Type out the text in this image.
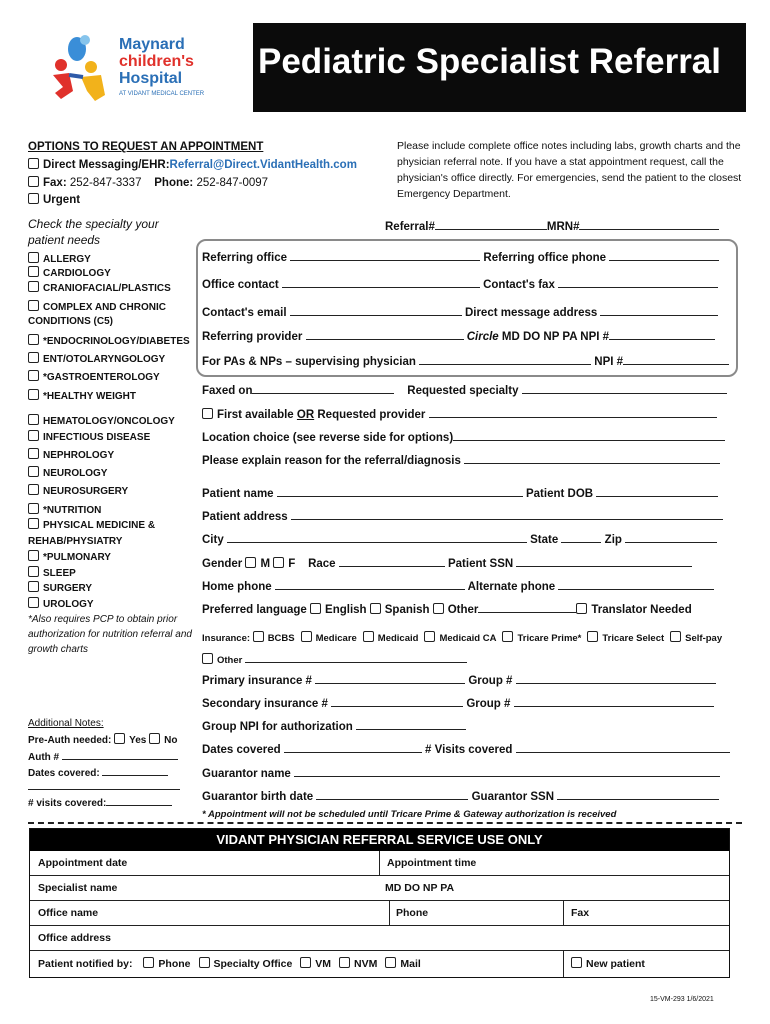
Maynard
children's
Hospital
AT VIDANT MEDICAL CENTER
Pediatric Specialist Referral
OPTIONS TO REQUEST AN APPOINTMENT
Direct Messaging/EHR:Referral@Direct.VidantHealth.com
Fax: 252-847-3337 Phone: 252-847-0097
Urgent
Please include complete office notes including labs, growth charts and the physician referral note. If you have a stat appointment request, call the physician's office directly. For emergencies, send the patient to the closest Emergency Department.
Check the specialty your patient needs
ALLERGY
CARDIOLOGY
CRANIOFACIAL/PLASTICS
COMPLEX AND CHRONIC CONDITIONS (C5)
*ENDOCRINOLOGY/DIABETES
ENT/OTOLARYNGOLOGY
*GASTROENTEROLOGY
*HEALTHY WEIGHT
HEMATOLOGY/ONCOLOGY
INFECTIOUS DISEASE
NEPHROLOGY
NEUROLOGY
NEUROSURGERY
*NUTRITION
PHYSICAL MEDICINE & REHAB/PHYSIATRY
*PULMONARY
SLEEP
SURGERY
UROLOGY
*Also requires PCP to obtain prior authorization for nutrition referral and growth charts
Referral#	MRN#
Referring office	Referring office phone
Office contact	Contact's fax
Contact's email	Direct message address
Referring provider	Circle MD DO NP PA NPI #
For PAs & NPs – supervising physician	NPI #
Faxed on	Requested specialty
First available OR Requested provider
Location choice (see reverse side for options)
Please explain reason for the referral/diagnosis
Patient name	Patient DOB
Patient address
City	State	Zip
Gender M F Race	Patient SSN
Home phone	Alternate phone
Preferred language English Spanish Other	Translator Needed
Insurance: BCBS Medicare Medicaid Medicaid CA Tricare Prime* Tricare Select Self-pay
Other
Primary insurance #	Group #
Secondary insurance #	Group #
Group NPI for authorization
Dates covered	# Visits covered
Guarantor name
Guarantor birth date	Guarantor SSN
* Appointment will not be scheduled until Tricare Prime & Gateway authorization is received
Additional Notes:
Pre-Auth needed: Yes No
Auth #
Dates covered:
# visits covered:
VIDANT PHYSICIAN REFERRAL SERVICE USE ONLY
Appointment date	Appointment time
Specialist name	MD DO NP PA
Office name	Phone	Fax
Office address
Patient notified by: Phone Specialty Office VM NVM Mail	New patient
15-VM-293 1/6/2021
